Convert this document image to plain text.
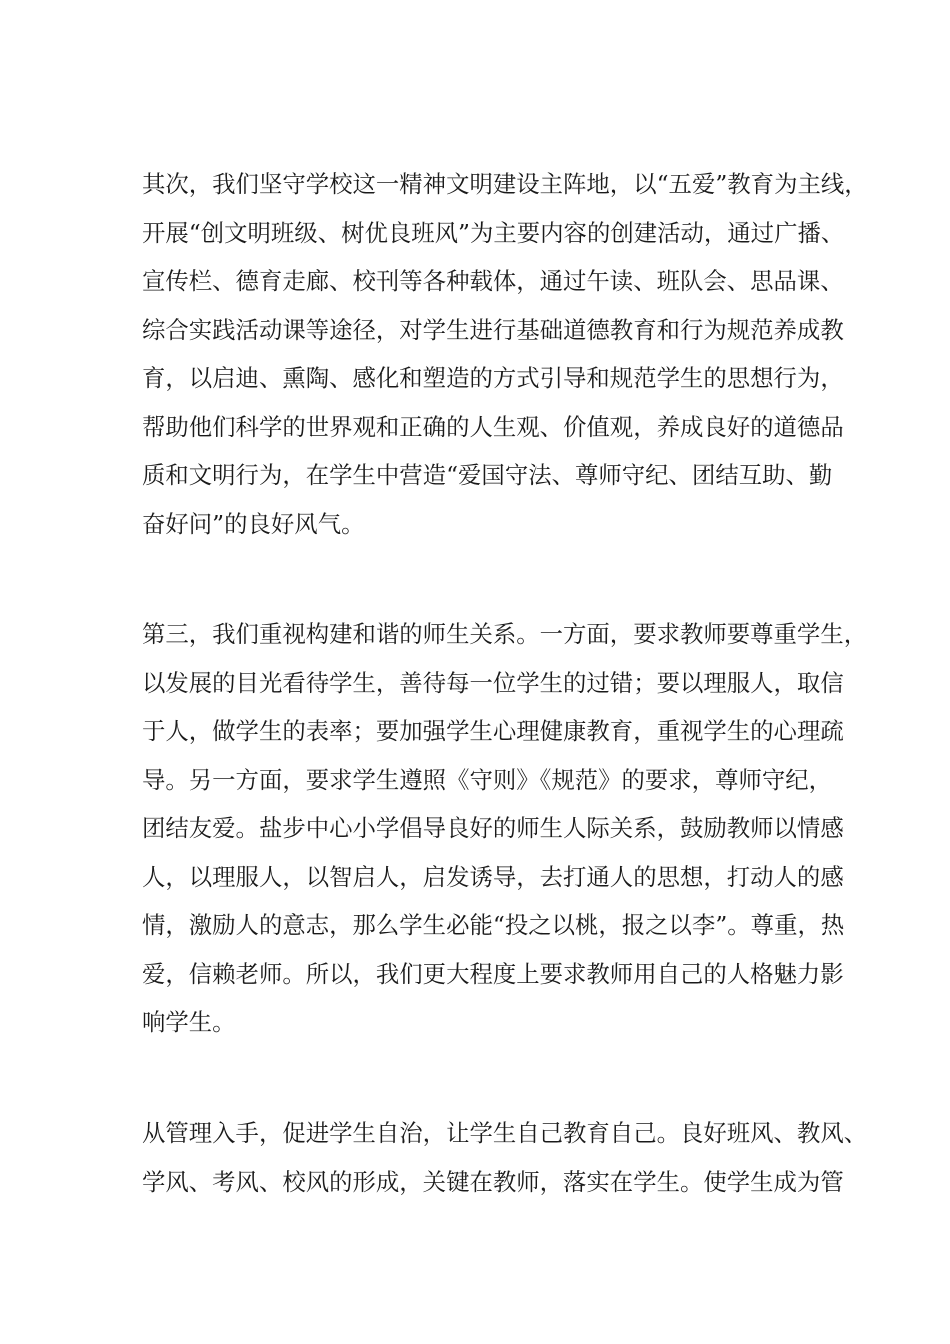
其次，我们坚守学校这一精神文明建设主阵地，以“五爱”教育为主线，
开展“创文明班级、树优良班风”为主要内容的创建活动，通过广播、
宣传栏、德育走廊、校刊等各种载体，通过午读、班队会、思品课、
综合实践活动课等途径，对学生进行基础道德教育和行为规范养成教
育，以启迪、熏陶、感化和塑造的方式引导和规范学生的思想行为，
帮助他们科学的世界观和正确的人生观、价值观，养成良好的道德品
质和文明行为，在学生中营造“爱国守法、尊师守纪、团结互助、勤
奋好问”的良好风气。
第三，我们重视构建和谐的师生关系。一方面，要求教师要尊重学生，
以发展的目光看待学生，善待每一位学生的过错；要以理服人，取信
于人，做学生的表率；要加强学生心理健康教育，重视学生的心理疏
导。另一方面，要求学生遵照《守则》《规范》的要求，尊师守纪，
团结友爱。盐步中心小学倡导良好的师生人际关系，鼓励教师以情感
人，以理服人，以智启人，启发诱导，去打通人的思想，打动人的感
情，激励人的意志，那么学生必能“投之以桃，报之以李”。尊重，热
爱，信赖老师。所以，我们更大程度上要求教师用自己的人格魅力影
响学生。
从管理入手，促进学生自治，让学生自己教育自己。良好班风、教风、
学风、考风、校风的形成，关键在教师，落实在学生。使学生成为管
